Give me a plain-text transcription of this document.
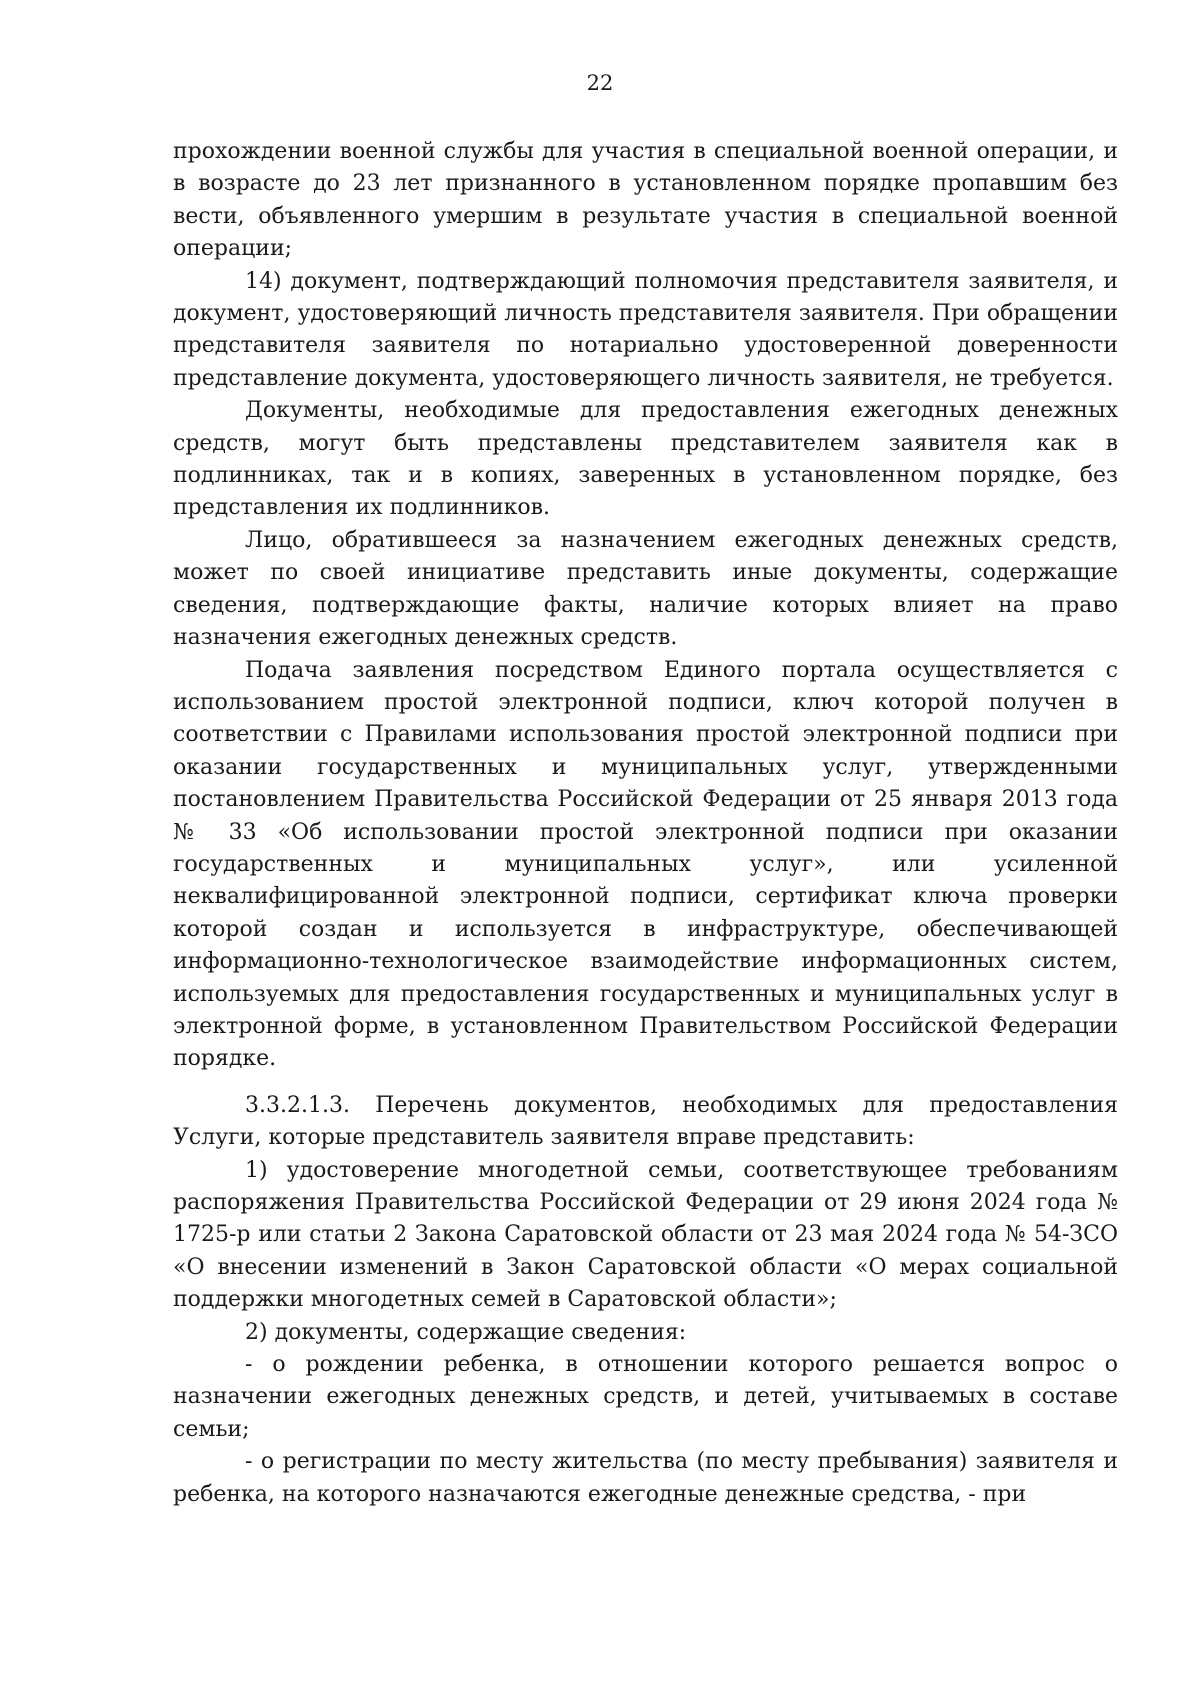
22

прохождении военной службы для участия в специальной военной операции, и в возрасте до 23 лет признанного в установленном порядке пропавшим без вести, объявленного умершим в результате участия в специальной военной операции;

14) документ, подтверждающий полномочия представителя заявителя, и документ, удостоверяющий личность представителя заявителя. При обращении представителя заявителя по нотариально удостоверенной доверенности представление документа, удостоверяющего личность заявителя, не требуется.

Документы, необходимые для предоставления ежегодных денежных средств, могут быть представлены представителем заявителя как в подлинниках, так и в копиях, заверенных в установленном порядке, без представления их подлинников.

Лицо, обратившееся за назначением ежегодных денежных средств, может по своей инициативе представить иные документы, содержащие сведения, подтверждающие факты, наличие которых влияет на право назначения ежегодных денежных средств.

Подача заявления посредством Единого портала осуществляется с использованием простой электронной подписи, ключ которой получен в соответствии с Правилами использования простой электронной подписи при оказании государственных и муниципальных услуг, утвержденными постановлением Правительства Российской Федерации от 25 января 2013 года № 33 «Об использовании простой электронной подписи при оказании государственных и муниципальных услуг», или усиленной неквалифицированной электронной подписи, сертификат ключа проверки которой создан и используется в инфраструктуре, обеспечивающей информационно-технологическое взаимодействие информационных систем, используемых для предоставления государственных и муниципальных услуг в электронной форме, в установленном Правительством Российской Федерации порядке.

3.3.2.1.3. Перечень документов, необходимых для предоставления Услуги, которые представитель заявителя вправе представить:

1) удостоверение многодетной семьи, соответствующее требованиям распоряжения Правительства Российской Федерации от 29 июня 2024 года № 1725-р или статьи 2 Закона Саратовской области от 23 мая 2024 года № 54-ЗСО «О внесении изменений в Закон Саратовской области «О мерах социальной поддержки многодетных семей в Саратовской области»;

2) документы, содержащие сведения:

- о рождении ребенка, в отношении которого решается вопрос о назначении ежегодных денежных средств, и детей, учитываемых в составе семьи;

- о регистрации по месту жительства (по месту пребывания) заявителя и ребенка, на которого назначаются ежегодные денежные средства, - при
